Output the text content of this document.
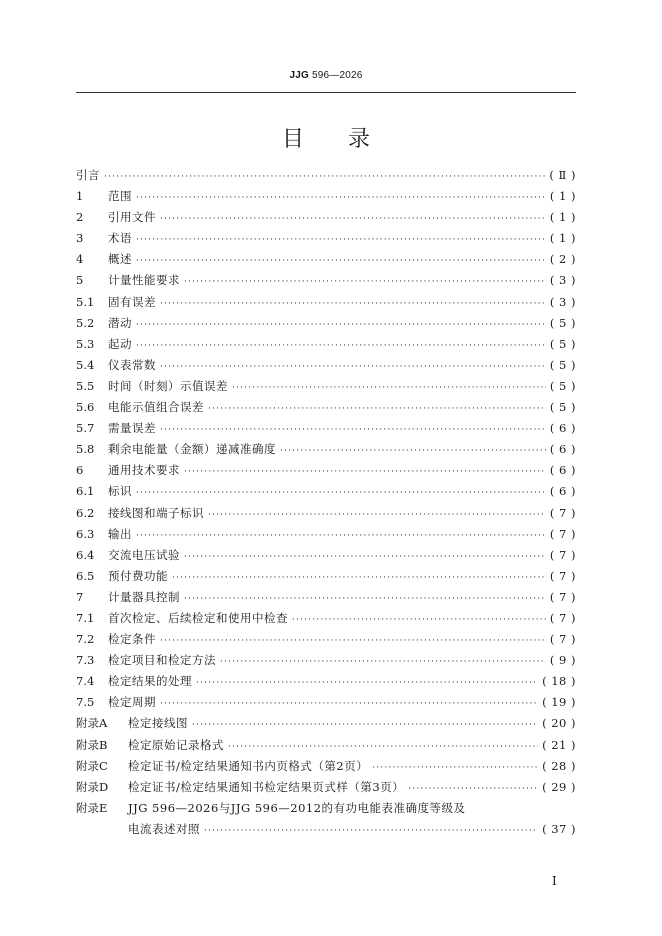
JJG 596—2026
目录
引言 ·····	( Ⅱ )
1	范围 ·····	( 1 )
2	引用文件 ·····	( 1 )
3	术语 ·····	( 1 )
4	概述 ·····	( 2 )
5	计量性能要求 ·····	( 3 )
5.1	固有误差 ·····	( 3 )
5.2	潜动 ·····	( 5 )
5.3	起动 ·····	( 5 )
5.4	仪表常数 ·····	( 5 )
5.5	时间（时刻）示值误差 ·····	( 5 )
5.6	电能示值组合误差 ·····	( 5 )
5.7	需量误差 ·····	( 6 )
5.8	剩余电能量（金额）递减准确度 ·····	( 6 )
6	通用技术要求 ·····	( 6 )
6.1	标识 ·····	( 6 )
6.2	接线图和端子标识 ·····	( 7 )
6.3	输出 ·····	( 7 )
6.4	交流电压试验 ·····	( 7 )
6.5	预付费功能 ·····	( 7 )
7	计量器具控制 ·····	( 7 )
7.1	首次检定、后续检定和使用中检查 ·····	( 7 )
7.2	检定条件 ·····	( 7 )
7.3	检定项目和检定方法 ·····	( 9 )
7.4	检定结果的处理 ·····	( 18 )
7.5	检定周期 ·····	( 19 )
附录A	检定接线图 ·····	( 20 )
附录B	检定原始记录格式 ·····	( 21 )
附录C	检定证书/检定结果通知书内页格式（第2页） ·····	( 28 )
附录D	检定证书/检定结果通知书检定结果页式样（第3页） ·····	( 29 )
附录E	JJG 596—2026与JJG 596—2012的有功电能表准确度等级及
电流表述对照 ·····	( 37 )
I
